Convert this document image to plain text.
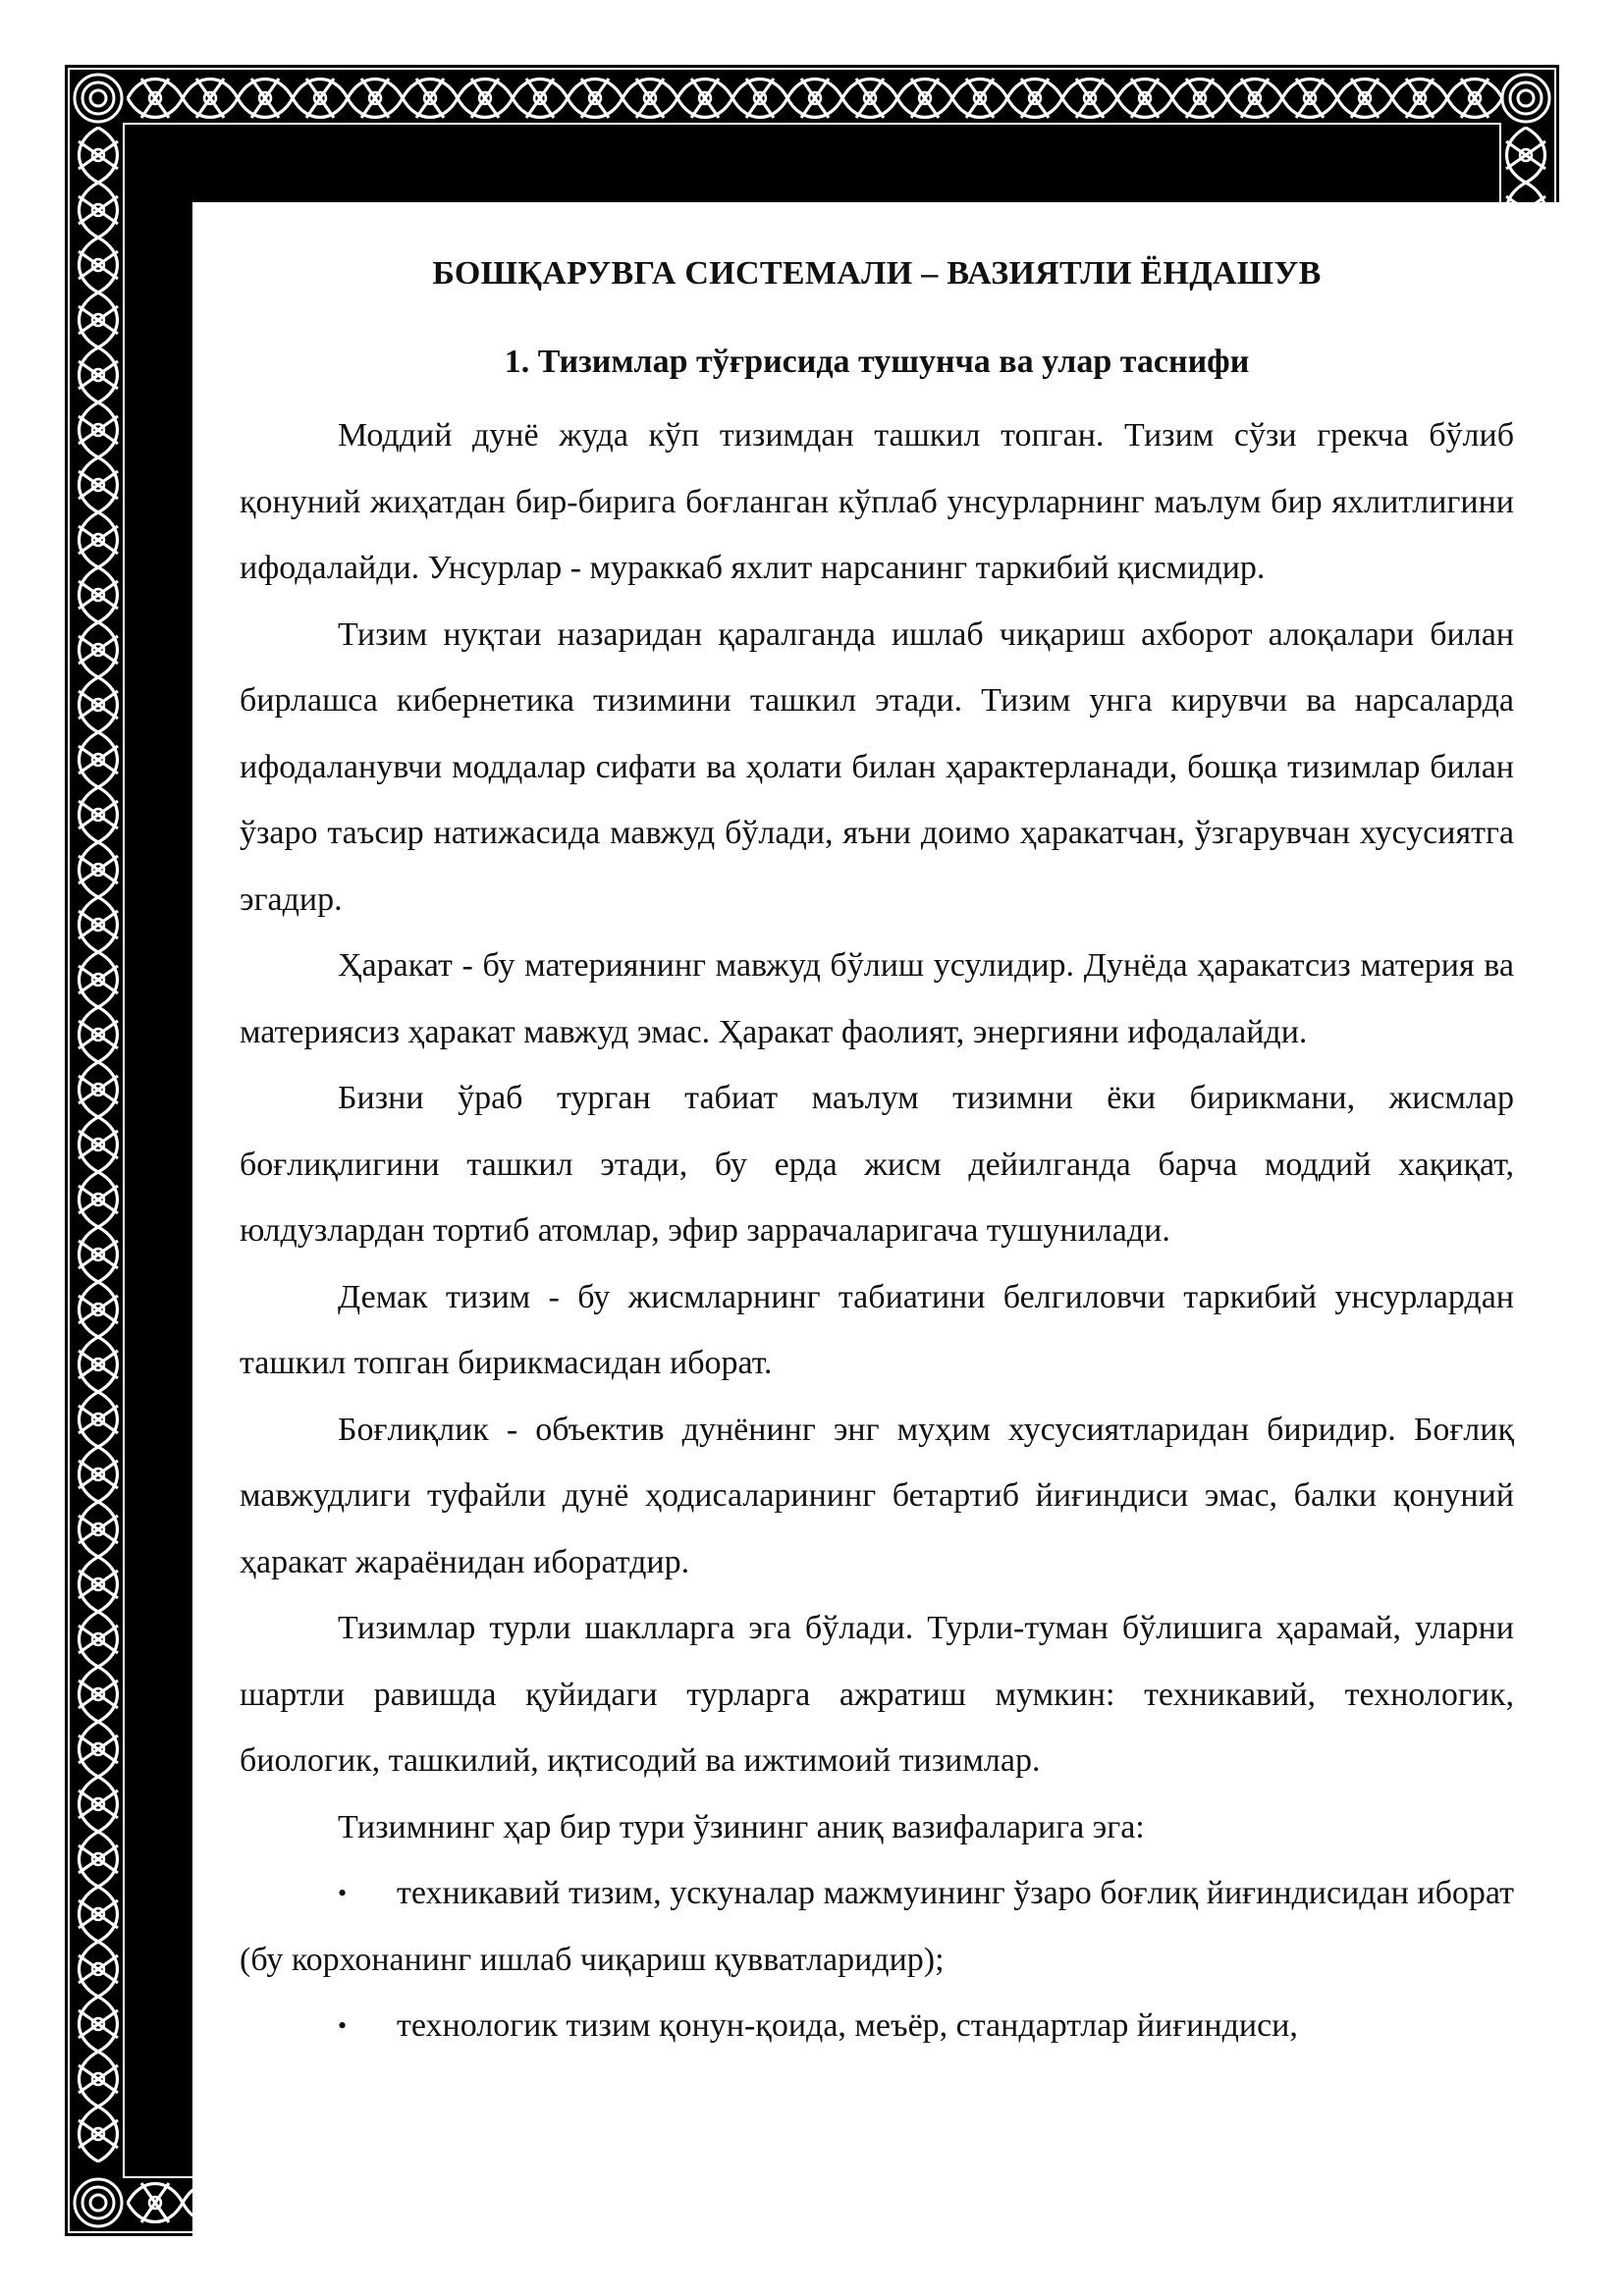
БОШҚАРУВГА СИСТЕМАЛИ – ВАЗИЯТЛИ ЁНДАШУВ
1. Тизимлар тўғрисида тушунча ва улар таснифи

Моддий дунё жуда кўп тизимдан ташкил топган. Тизим сўзи грекча бўлиб қонуний жиҳатдан бир-бирига боғланган кўплаб унсурларнинг маълум бир яхлитлигини ифодалайди. Унсурлар - мураккаб яхлит нарсанинг таркибий қисмидир.

Тизим нуқтаи назаридан қаралганда ишлаб чиқариш ахборот алоқалари билан бирлашса кибернетика тизимини ташкил этади. Тизим унга кирувчи ва нарсаларда ифодаланувчи моддалар сифати ва ҳолати билан ҳарактерланади, бошқа тизимлар билан ўзаро таъсир натижасида мавжуд бўлади, яъни доимо ҳаракатчан, ўзгарувчан хусусиятга эгадир.

Ҳаракат - бу материянинг мавжуд бўлиш усулидир. Дунёда ҳаракатсиз материя ва материясиз ҳаракат мавжуд эмас. Ҳаракат фаолият, энергияни ифодалайди.

Бизни ўраб турган табиат маълум тизимни ёки бирикмани, жисмлар боғлиқлигини ташкил этади, бу ерда жисм дейилганда барча моддий хақиқат, юлдузлардан тортиб атомлар, эфир заррачаларигача тушунилади.

Демак тизим - бу жисмларнинг табиатини белгиловчи таркибий унсурлардан ташкил топган бирикмасидан иборат.

Боғлиқлик - объектив дунёнинг энг муҳим хусусиятларидан биридир. Боғлиқ мавжудлиги туфайли дунё ҳодисаларининг бетартиб йиғиндиси эмас, балки қонуний ҳаракат жараёнидан иборатдир.

Тизимлар турли шаклларга эга бўлади. Турли-туман бўлишига ҳарамай, уларни шартли равишда қуйидаги турларга ажратиш мумкин: техникавий, технологик, биологик, ташкилий, иқтисодий ва ижтимоий тизимлар.

Тизимнинг ҳар бир тури ўзининг аниқ вазифаларига эга:

• техникавий тизим, ускуналар мажмуининг ўзаро боғлиқ йиғиндисидан иборат (бу корхонанинг ишлаб чиқариш қувватларидир);
• технологик тизим қонун-қоида, меъёр, стандартлар йиғиндиси,
